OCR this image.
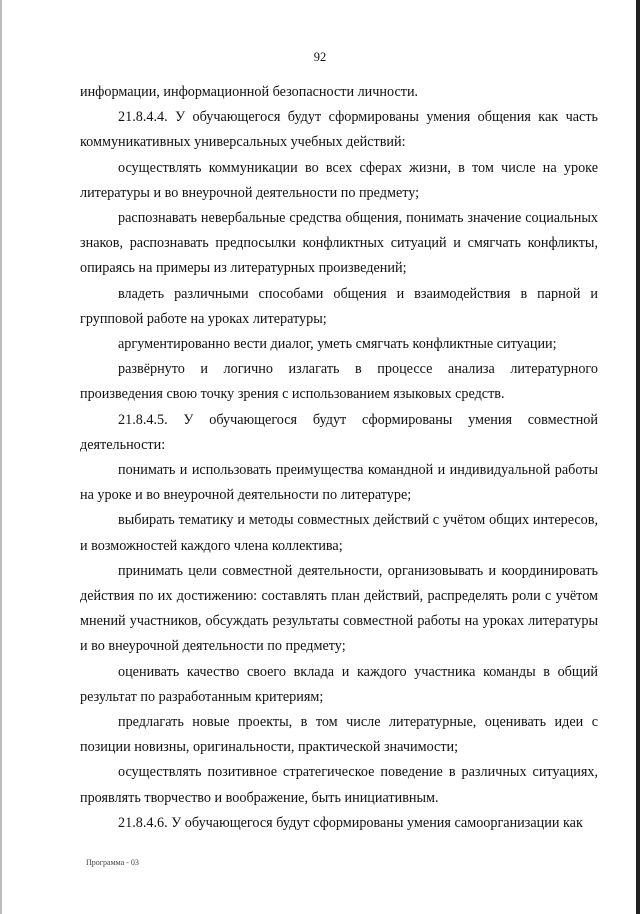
92

информации, информационной безопасности личности.

21.8.4.4. У обучающегося будут сформированы умения общения как часть коммуникативных универсальных учебных действий:

осуществлять коммуникации во всех сферах жизни, в том числе на уроке литературы и во внеурочной деятельности по предмету;

распознавать невербальные средства общения, понимать значение социальных знаков, распознавать предпосылки конфликтных ситуаций и смягчать конфликты, опираясь на примеры из литературных произведений;

владеть различными способами общения и взаимодействия в парной и групповой работе на уроках литературы;

аргументированно вести диалог, уметь смягчать конфликтные ситуации;

развёрнуто и логично излагать в процессе анализа литературного произведения свою точку зрения с использованием языковых средств.

21.8.4.5. У обучающегося будут сформированы умения совместной деятельности:

понимать и использовать преимущества командной и индивидуальной работы на уроке и во внеурочной деятельности по литературе;

выбирать тематику и методы совместных действий с учётом общих интересов, и возможностей каждого члена коллектива;

принимать цели совместной деятельности, организовывать и координировать действия по их достижению: составлять план действий, распределять роли с учётом мнений участников, обсуждать результаты совместной работы на уроках литературы и во внеурочной деятельности по предмету;

оценивать качество своего вклада и каждого участника команды в общий результат по разработанным критериям;

предлагать новые проекты, в том числе литературные, оценивать идеи с позиции новизны, оригинальности, практической значимости;

осуществлять позитивное стратегическое поведение в различных ситуациях, проявлять творчество и воображение, быть инициативным.

21.8.4.6. У обучающегося будут сформированы умения самоорганизации как

Программа - 03
